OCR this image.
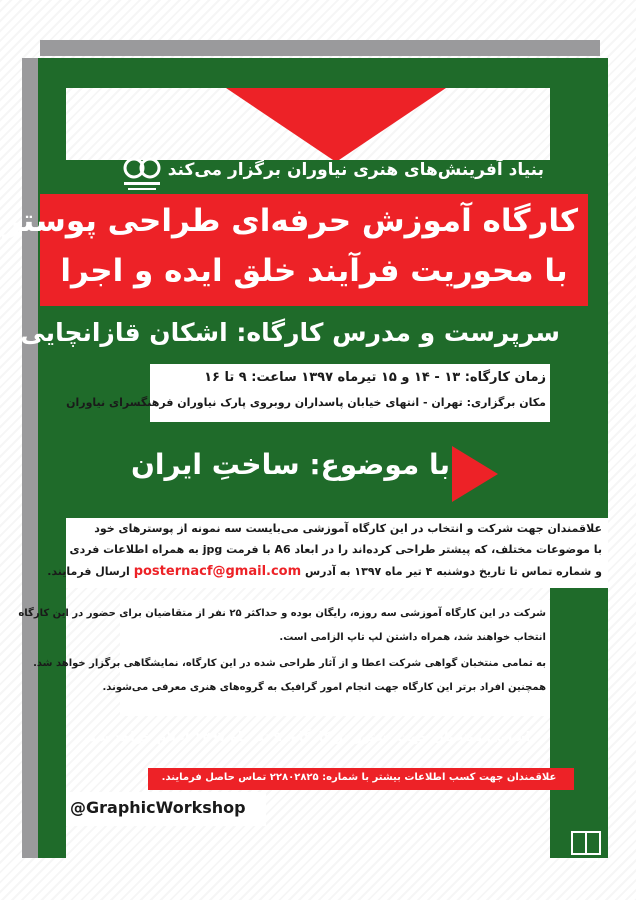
بنیاد آفرینش‌های هنری نیاوران برگزار می‌کند
کارگاه آموزش حرفه‌ای طراحی پوستر
با محوریت فرآیند خلق ایده و اجرا
سرپرست و مدرس کارگاه: اشکان قازانچایی
زمان کارگاه: ۱۳ - ۱۴ و ۱۵ تیرماه ۱۳۹۷ ساعت: ۹ تا ۱۶
مکان برگزاری: تهران - انتهای خیابان پاسداران روبروی پارک نیاوران فرهنگسرای نیاوران
با موضوع: ساختِ ایران
علاقمندان جهت شرکت و انتخاب در این کارگاه آموزشی می‌بایست سه نمونه از پوسترهای خود
با موضوعات مختلف، که پیشتر طراحی کرده‌اند را در ابعاد A6 با فرمت jpg به همراه اطلاعات فردی
و شماره تماس تا تاریخ دوشنبه ۴ تیر ماه ۱۳۹۷ به آدرس posternacf@gmail.com ارسال فرمایند.
شرکت در این کارگاه آموزشی سه روزه، رایگان بوده و حداکثر ۲۵ نفر از متقاضیان برای حضور در این کارگاه
انتخاب خواهند شد، همراه داشتن لپ تاپ الزامی است.
به تمامی منتخبان گواهی شرکت اعطا و از آثار طراحی شده در این کارگاه، نمایشگاهی برگزار خواهد شد.
همچنین افراد برتر این کارگاه جهت انجام امور گرافیک به گروه‌های هنری معرفی می‌شوند.
اسامی منتخبان جهت حضور در کارگاه، ۹ تیرماه ۱۳۹۷ اعلام خواهد شد.
علاقمندان جهت کسب اطلاعات بیشتر با شماره: ۲۲۸۰۲۸۲۵ تماس حاصل فرمایند.
@GraphicWorkshop
